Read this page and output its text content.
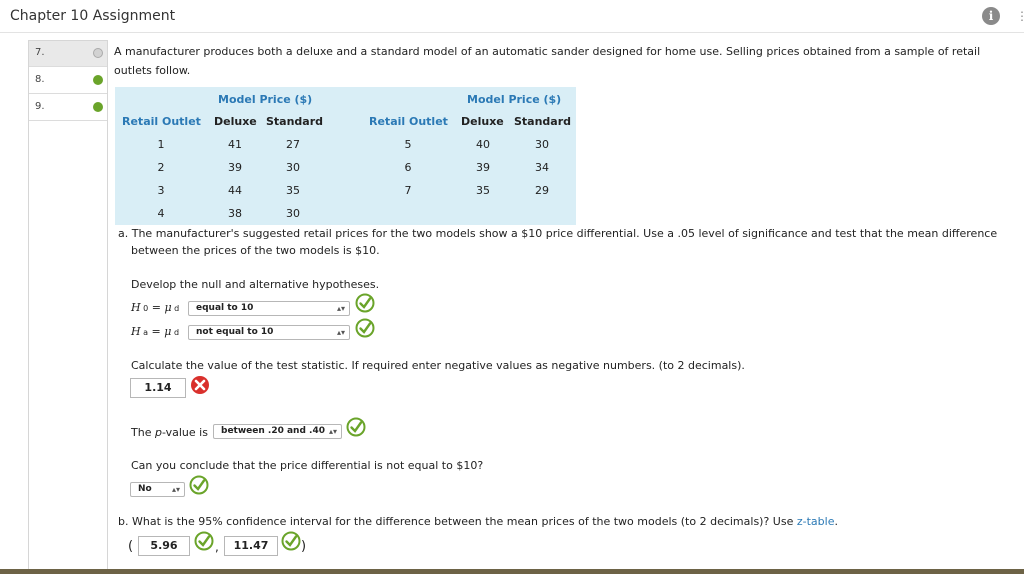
Chapter 10 Assignment	i	⋮
7.
8.
9.
A manufacturer produces both a deluxe and a standard model of an automatic sander designed for home use. Selling prices obtained from a sample of retail
outlets follow.
Model Price ($)	Model Price ($)
Retail Outlet Deluxe Standard	Retail Outlet Deluxe Standard
1	41	27
2	39	30
3	44	35
4	38	30
5	40	30
6	39	34
7	35	29
a. The manufacturer's suggested retail prices for the two models show a $10 price differential. Use a .05 level of significance and test that the mean difference
between the prices of the two models is $10.
Develop the null and alternative hypotheses.
H 0 = μ d	equal to 10	▴▾
H a = μ d	not equal to 10	▴▾
Calculate the value of the test statistic. If required enter negative values as negative numbers. (to 2 decimals).
1.14
The p-value is	between .20 and .40 ▴▾
Can you conclude that the price differential is not equal to $10?
No	▴▾
b. What is the 95% confidence interval for the difference between the mean prices of the two models (to 2 decimals)? Use z-table.
(	5.96	,	11.47	)
